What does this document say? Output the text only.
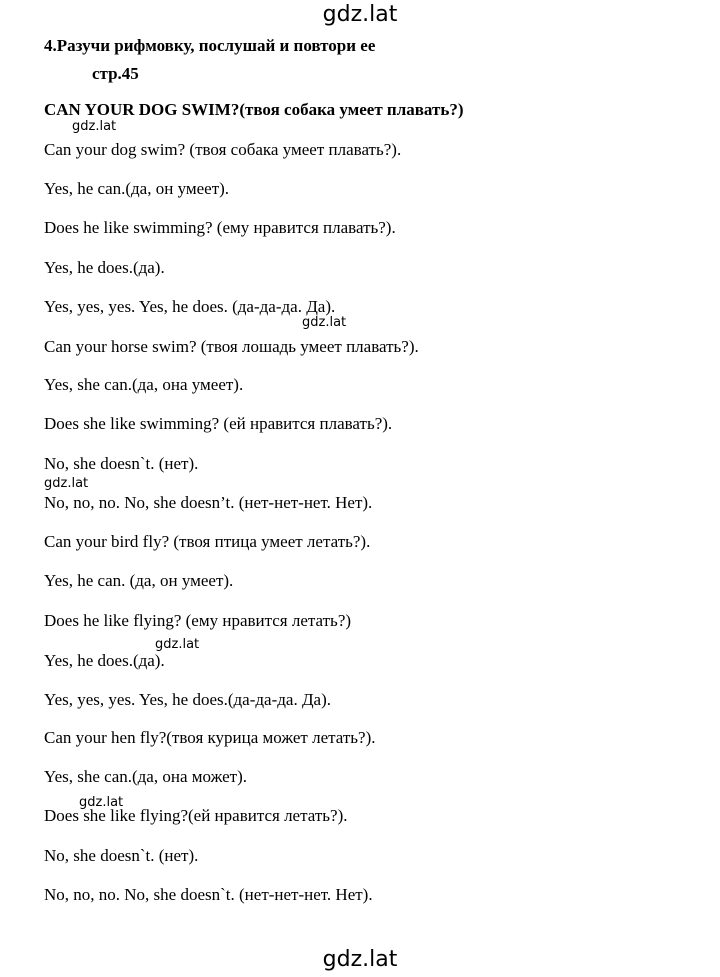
gdz.lat
gdz.lat
gdz.lat
gdz.lat
gdz.lat
gdz.lat
gdz.lat
4.Разучи рифмовку, послушай и повтори ее
стр.45
CAN YOUR DOG SWIM?(твоя собака умеет плавать?)
Can your dog swim? (твоя собака умеет плавать?).
Yes, he can.(да, он умеет).
Does he like swimming? (ему нравится плавать?).
Yes, he does.(да).
Yes, yes, yes. Yes, he does. (да-да-да. Да).
Can your horse swim? (твоя лошадь умеет плавать?).
Yes, she can.(да, она умеет).
Does she like swimming? (ей нравится плавать?).
No, she doesn`t. (нет).
No, no, no. No, she doesn’t. (нет-нет-нет. Нет).
Can your bird fly? (твоя птица умеет летать?).
Yes, he can. (да, он умеет).
Does he like flying? (ему нравится летать?)
Yes, he does.(да).
Yes, yes, yes. Yes, he does.(да-да-да. Да).
Can your hen fly?(твоя курица может летать?).
Yes, she can.(да, она может).
Does she like flying?(ей нравится летать?).
No, she doesn`t. (нет).
No, no, no. No, she doesn`t. (нет-нет-нет. Нет).
